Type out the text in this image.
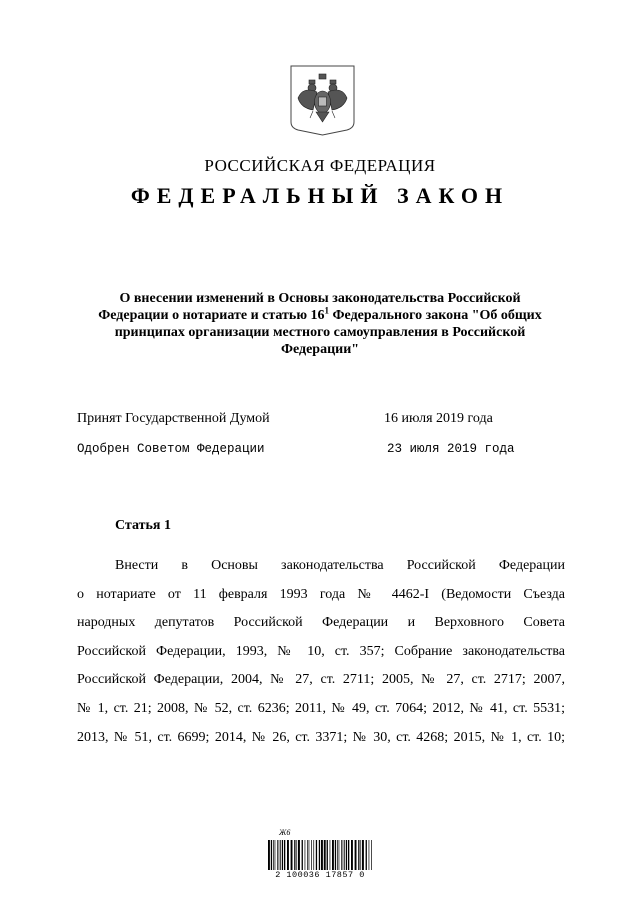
РОССИЙСКАЯ ФЕДЕРАЦИЯ
ФЕДЕРАЛЬНЫЙ ЗАКОН
О внесении изменений в Основы законодательства Российской
Федерации о нотариате и статью $16^1$ Федерального закона "Об общих
принципах организации местного самоуправления в Российской
Федерации"
Принят Государственной Думой	16 июля 2019 года
Одобрен Советом Федерации	23 июля 2019 года
Статья 1
Внести в Основы законодательства Российской Федерации
о нотариате от 11 февраля 1993 года № 4462-I (Ведомости Съезда
народных депутатов Российской Федерации и Верховного Совета
Российской Федерации, 1993, № 10, ст. 357; Собрание законодательства
Российской Федерации, 2004, № 27, ст. 2711; 2005, № 27, ст. 2717; 2007,
№ 1, ст. 21; 2008, № 52, ст. 6236; 2011, № 49, ст. 7064; 2012, № 41, ст. 5531;
2013, № 51, ст. 6699; 2014, № 26, ст. 3371; № 30, ст. 4268; 2015, № 1, ст. 10;
Ж6
2 100036 17857 0
